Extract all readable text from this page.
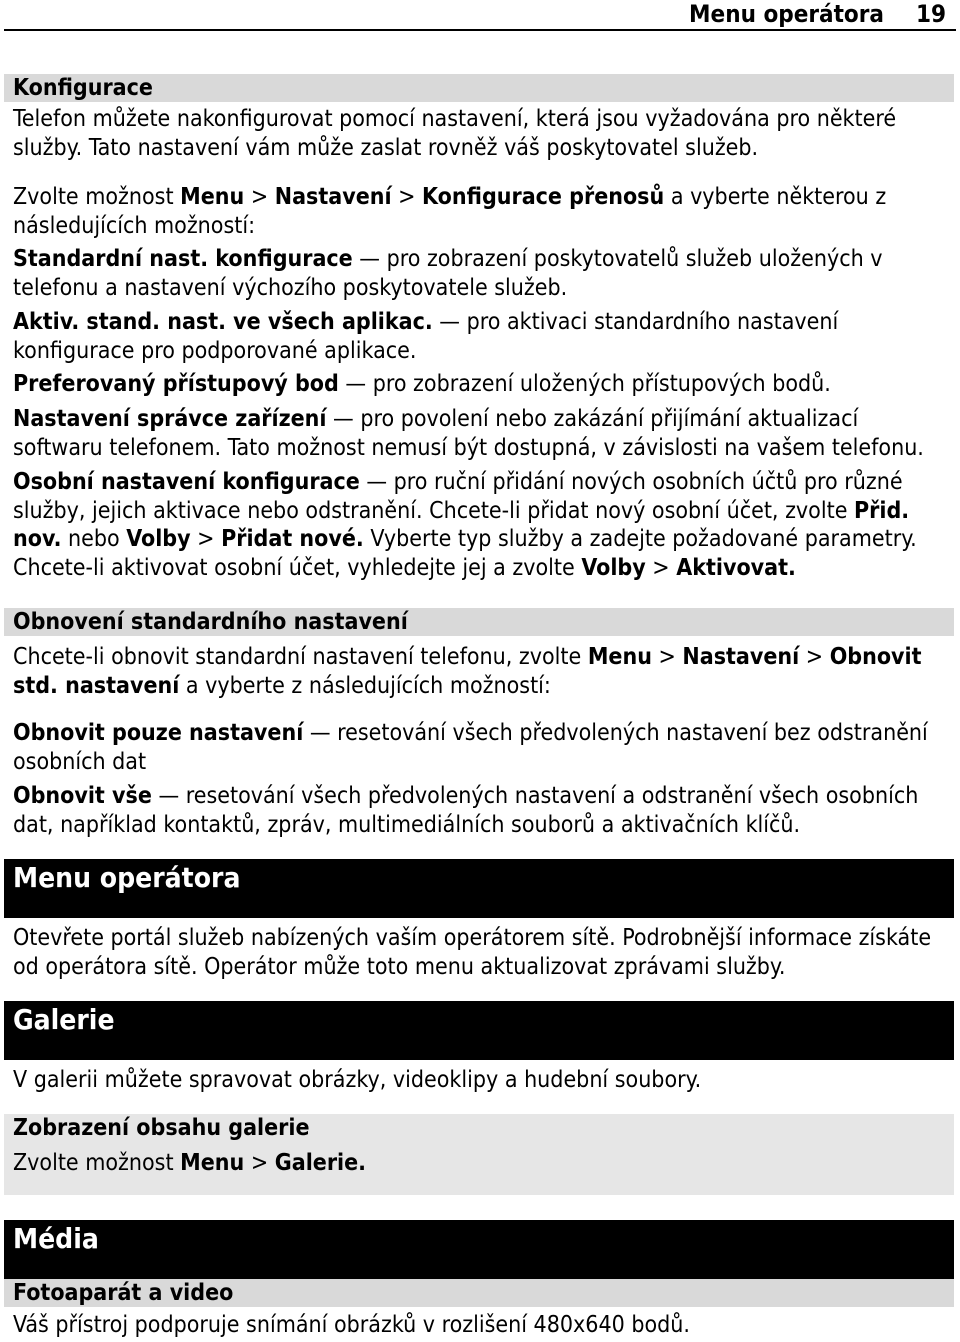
Menu operátora 19
Konfigurace

Telefon můžete nakonfigurovat pomocí nastavení, která jsou vyžadována pro některé služby. Tato nastavení vám může zaslat rovněž váš poskytovatel služeb.

Zvolte možnost Menu > Nastavení > Konfigurace přenosů a vyberte některou z následujících možností:

Standardní nast. konfigurace — pro zobrazení poskytovatelů služeb uložených v telefonu a nastavení výchozího poskytovatele služeb.

Aktiv. stand. nast. ve všech aplikac. — pro aktivaci standardního nastavení konfigurace pro podporované aplikace.

Preferovaný přístupový bod — pro zobrazení uložených přístupových bodů.

Nastavení správce zařízení — pro povolení nebo zakázání přijímání aktualizací softwaru telefonem. Tato možnost nemusí být dostupná, v závislosti na vašem telefonu.

Osobní nastavení konfigurace — pro ruční přidání nových osobních účtů pro různé služby, jejich aktivace nebo odstranění. Chcete-li přidat nový osobní účet, zvolte Přid. nov. nebo Volby > Přidat nové. Vyberte typ služby a zadejte požadované parametry. Chcete-li aktivovat osobní účet, vyhledejte jej a zvolte Volby > Aktivovat.

Obnovení standardního nastavení

Chcete-li obnovit standardní nastavení telefonu, zvolte Menu > Nastavení > Obnovit std. nastavení a vyberte z následujících možností:

Obnovit pouze nastavení — resetování všech předvolených nastavení bez odstranění osobních dat

Obnovit vše — resetování všech předvolených nastavení a odstranění všech osobních dat, například kontaktů, zpráv, multimediálních souborů a aktivačních klíčů.

Menu operátora

Otevřete portál služeb nabízených vaším operátorem sítě. Podrobnější informace získáte od operátora sítě. Operátor může toto menu aktualizovat zprávami služby.

Galerie

V galerii můžete spravovat obrázky, videoklipy a hudební soubory.

Zobrazení obsahu galerie

Zvolte možnost Menu > Galerie.

Média
Fotoaparát a video

Váš přístroj podporuje snímání obrázků v rozlišení 480x640 bodů.
